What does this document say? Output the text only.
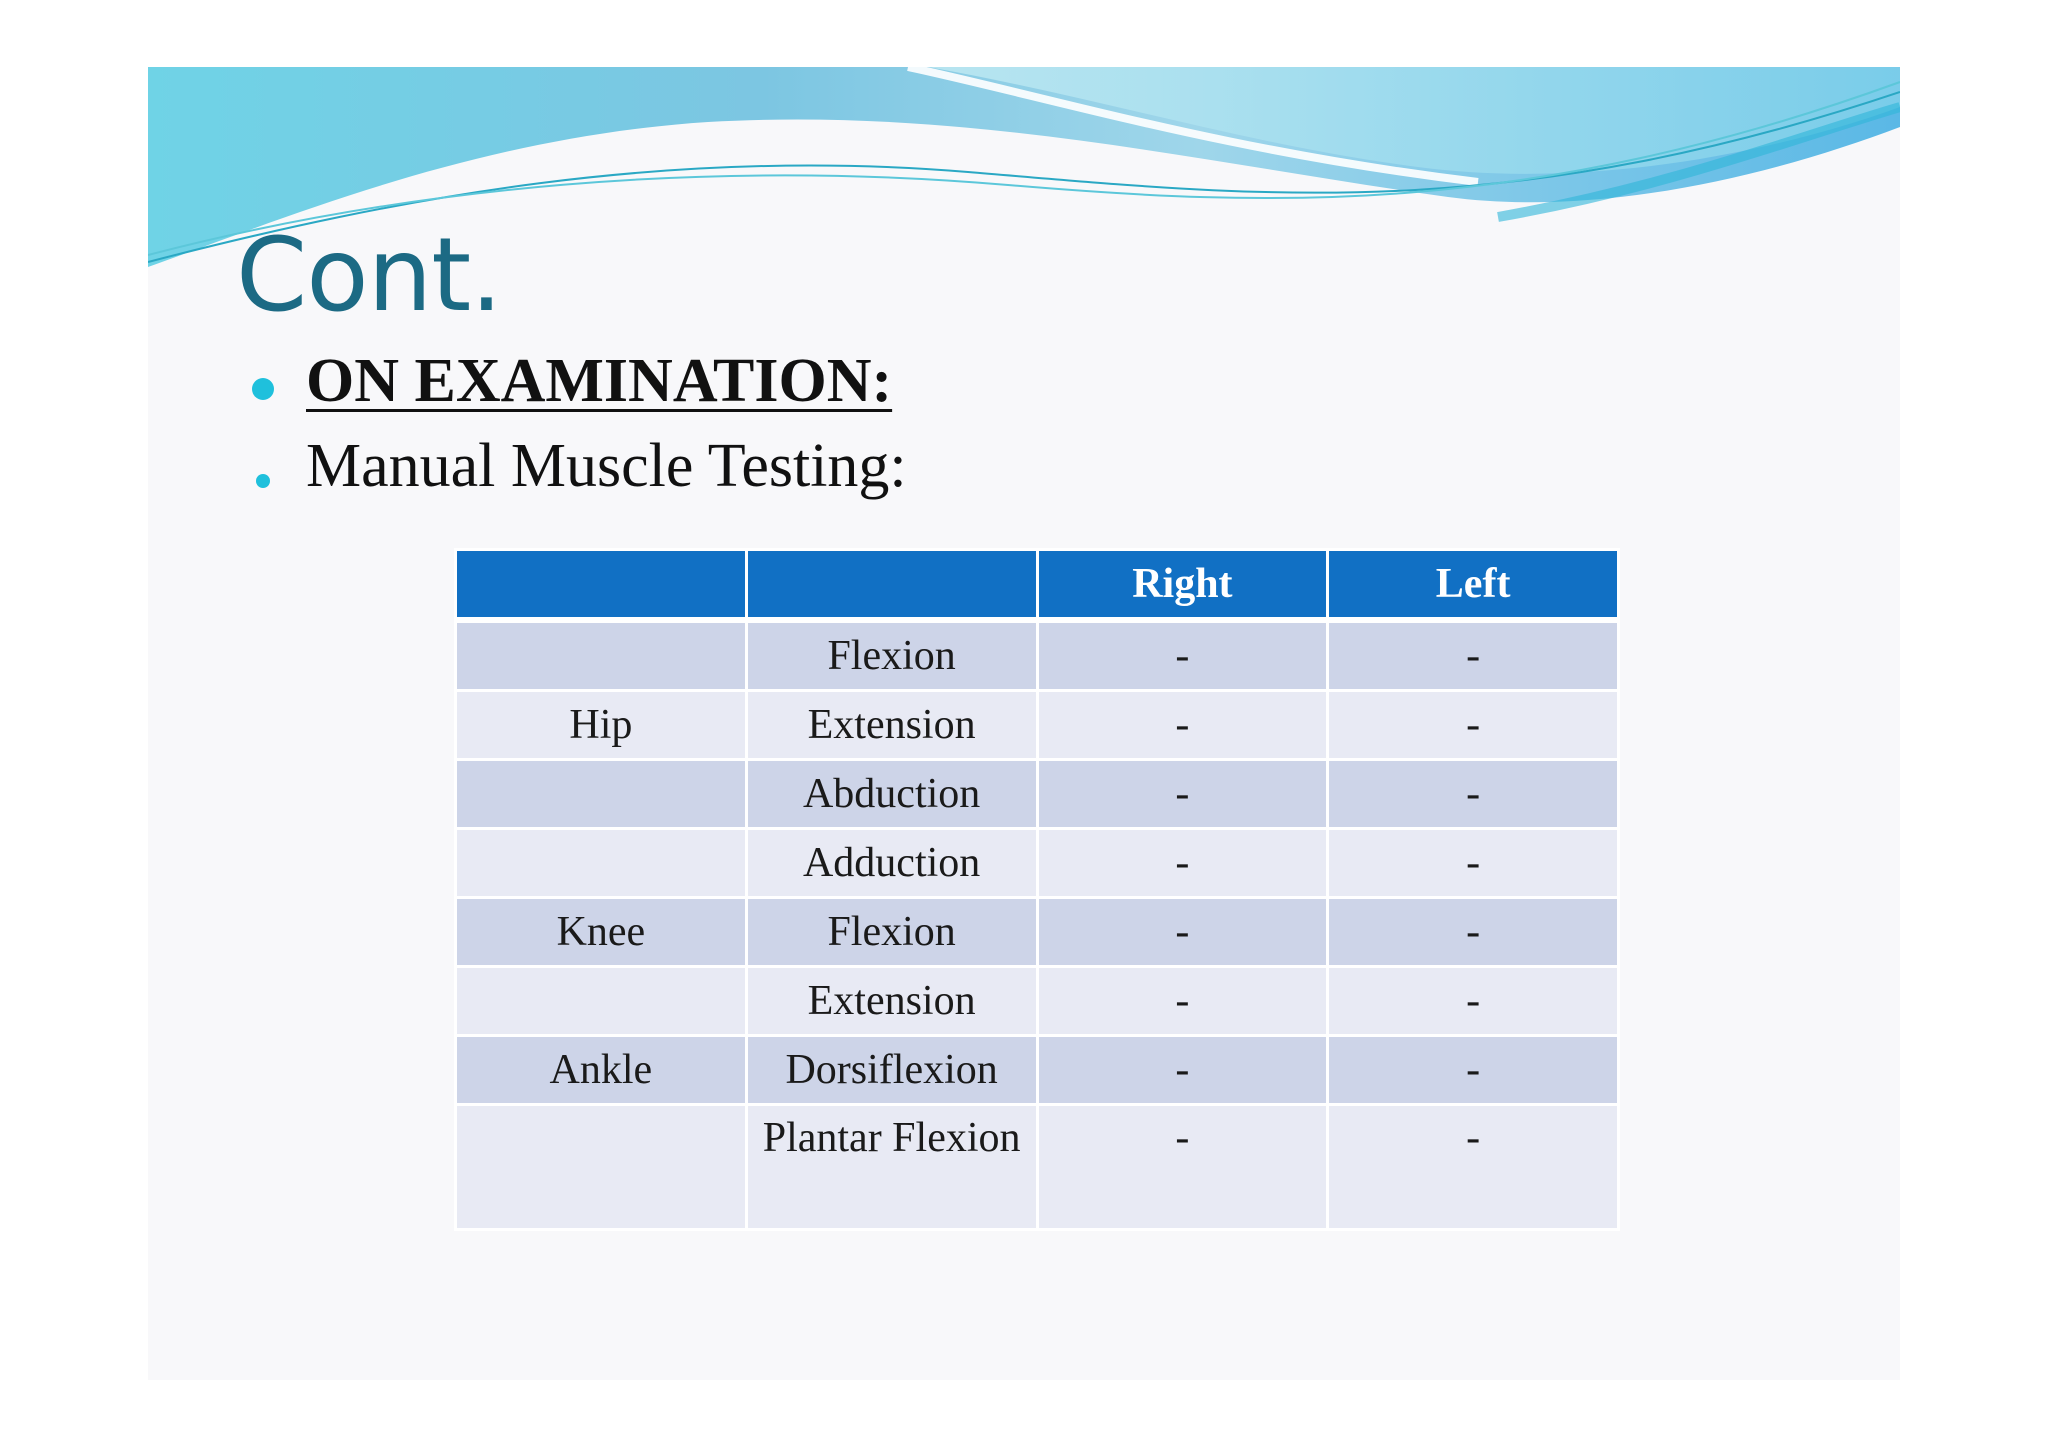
Cont.
ON EXAMINATION:
Manual Muscle Testing:
		Right	Left
	Flexion	-	-
Hip	Extension	-	-
	Abduction	-	-
	Adduction	-	-
Knee	Flexion	-	-
	Extension	-	-
Ankle	Dorsiflexion	-	-
	Plantar Flexion	-	-
